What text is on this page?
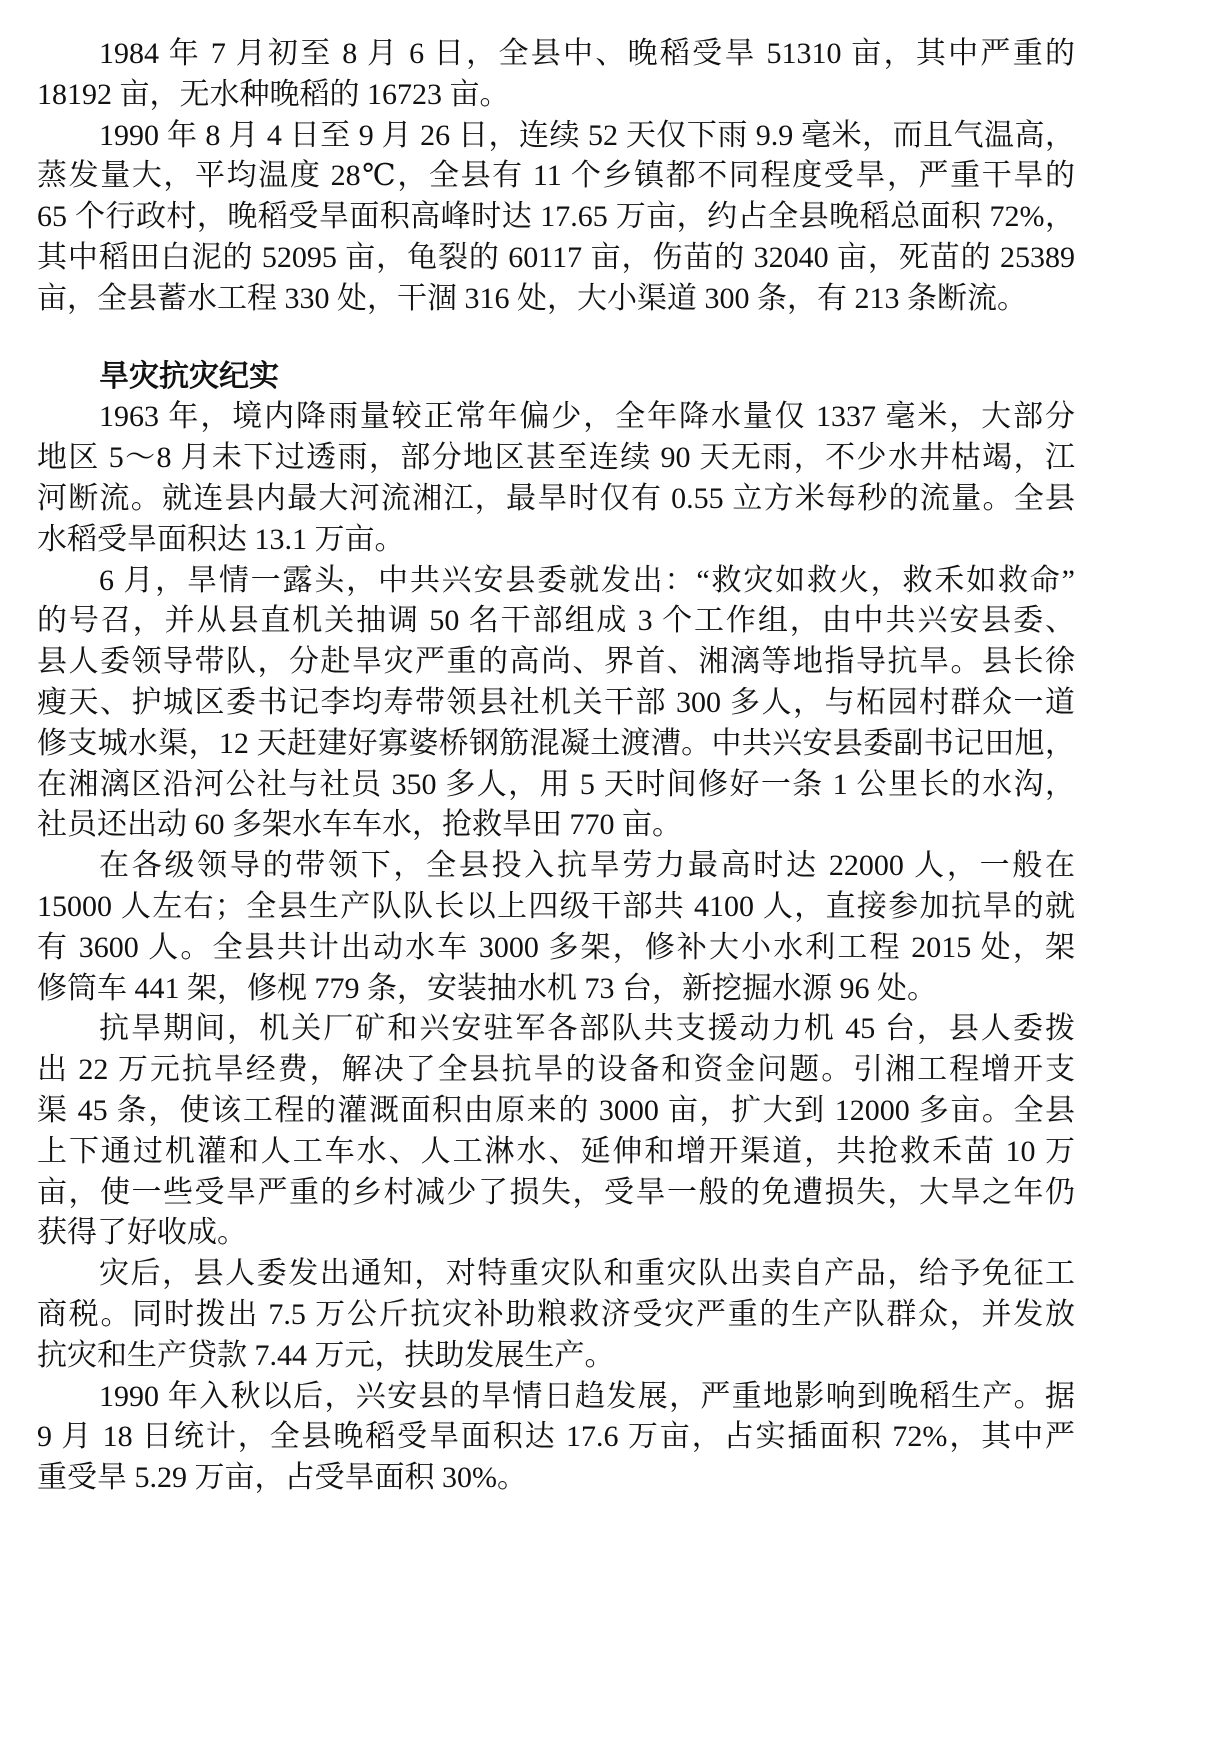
1984 年 7 月初至 8 月 6 日，全县中、晚稻受旱 51310 亩，其中严重的
18192 亩，无水种晚稻的 16723 亩。
1990 年 8 月 4 日至 9 月 26 日，连续 52 天仅下雨 9.9 毫米，而且气温高，
蒸发量大，平均温度 28℃，全县有 11 个乡镇都不同程度受旱，严重干旱的
65 个行政村，晚稻受旱面积高峰时达 17.65 万亩，约占全县晚稻总面积 72%，
其中稻田白泥的 52095 亩，龟裂的 60117 亩，伤苗的 32040 亩，死苗的 25389
亩，全县蓄水工程 330 处，干涸 316 处，大小渠道 300 条，有 213 条断流。
旱灾抗灾纪实
1963 年，境内降雨量较正常年偏少，全年降水量仅 1337 毫米，大部分
地区 5～8 月未下过透雨，部分地区甚至连续 90 天无雨，不少水井枯竭，江
河断流。就连县内最大河流湘江，最旱时仅有 0.55 立方米每秒的流量。全县
水稻受旱面积达 13.1 万亩。
6 月，旱情一露头，中共兴安县委就发出：“救灾如救火，救禾如救命”
的号召，并从县直机关抽调 50 名干部组成 3 个工作组，由中共兴安县委、
县人委领导带队，分赴旱灾严重的高尚、界首、湘漓等地指导抗旱。县长徐
瘦天、护城区委书记李均寿带领县社机关干部 300 多人，与柘园村群众一道
修支城水渠，12 天赶建好寡婆桥钢筋混凝土渡漕。中共兴安县委副书记田旭，
在湘漓区沿河公社与社员 350 多人，用 5 天时间修好一条 1 公里长的水沟，
社员还出动 60 多架水车车水，抢救旱田 770 亩。
在各级领导的带领下，全县投入抗旱劳力最高时达 22000 人，一般在
15000 人左右；全县生产队队长以上四级干部共 4100 人，直接参加抗旱的就
有 3600 人。全县共计出动水车 3000 多架，修补大小水利工程 2015 处，架
修筒车 441 架，修枧 779 条，安装抽水机 73 台，新挖掘水源 96 处。
抗旱期间，机关厂矿和兴安驻军各部队共支援动力机 45 台，县人委拨
出 22 万元抗旱经费，解决了全县抗旱的设备和资金问题。引湘工程增开支
渠 45 条，使该工程的灌溉面积由原来的 3000 亩，扩大到 12000 多亩。全县
上下通过机灌和人工车水、人工淋水、延伸和增开渠道，共抢救禾苗 10 万
亩，使一些受旱严重的乡村减少了损失，受旱一般的免遭损失，大旱之年仍
获得了好收成。
灾后，县人委发出通知，对特重灾队和重灾队出卖自产品，给予免征工
商税。同时拨出 7.5 万公斤抗灾补助粮救济受灾严重的生产队群众，并发放
抗灾和生产贷款 7.44 万元，扶助发展生产。
1990 年入秋以后，兴安县的旱情日趋发展，严重地影响到晚稻生产。据
9 月 18 日统计，全县晚稻受旱面积达 17.6 万亩，占实插面积 72%，其中严
重受旱 5.29 万亩，占受旱面积 30%。
